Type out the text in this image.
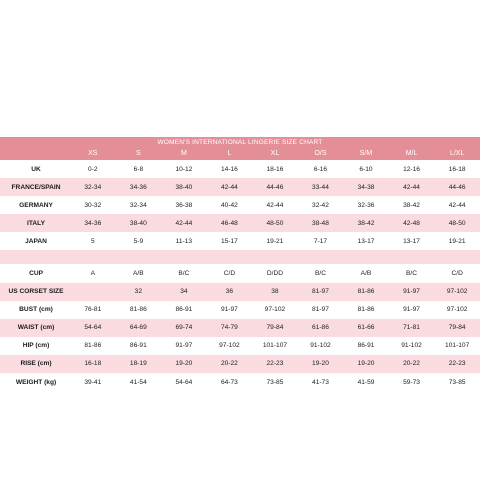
WOMEN'S INTERNATIONAL LINGERIE SIZE CHART									
	XS	S	M	L	XL	O/S	S/M	M/L	L/XL
UK	0-2	6-8	10-12	14-16	18-16	6-16	6-10	12-16	16-18
FRANCE/SPAIN	32-34	34-36	38-40	42-44	44-46	33-44	34-38	42-44	44-46
GERMANY	30-32	32-34	36-38	40-42	42-44	32-42	32-36	38-42	42-44
ITALY	34-36	38-40	42-44	46-48	48-50	38-48	38-42	42-48	48-50
JAPAN	5	5-9	11-13	15-17	19-21	7-17	13-17	13-17	19-21

CUP	A	A/B	B/C	C/D	D/DD	B/C	A/B	B/C	C/D
US CORSET SIZE		32	34	36	38	81-97	81-86	91-97	97-102
BUST (cm)	76-81	81-86	86-91	91-97	97-102	81-97	81-86	91-97	97-102
WAIST (cm)	54-64	64-69	69-74	74-79	79-84	61-86	61-66	71-81	79-84
HIP (cm)	81-86	86-91	91-97	97-102	101-107	91-102	86-91	91-102	101-107
RISE (cm)	16-18	18-19	19-20	20-22	22-23	19-20	19-20	20-22	22-23
WEIGHT (kg)	39-41	41-54	54-64	64-73	73-85	41-73	41-59	59-73	73-85
